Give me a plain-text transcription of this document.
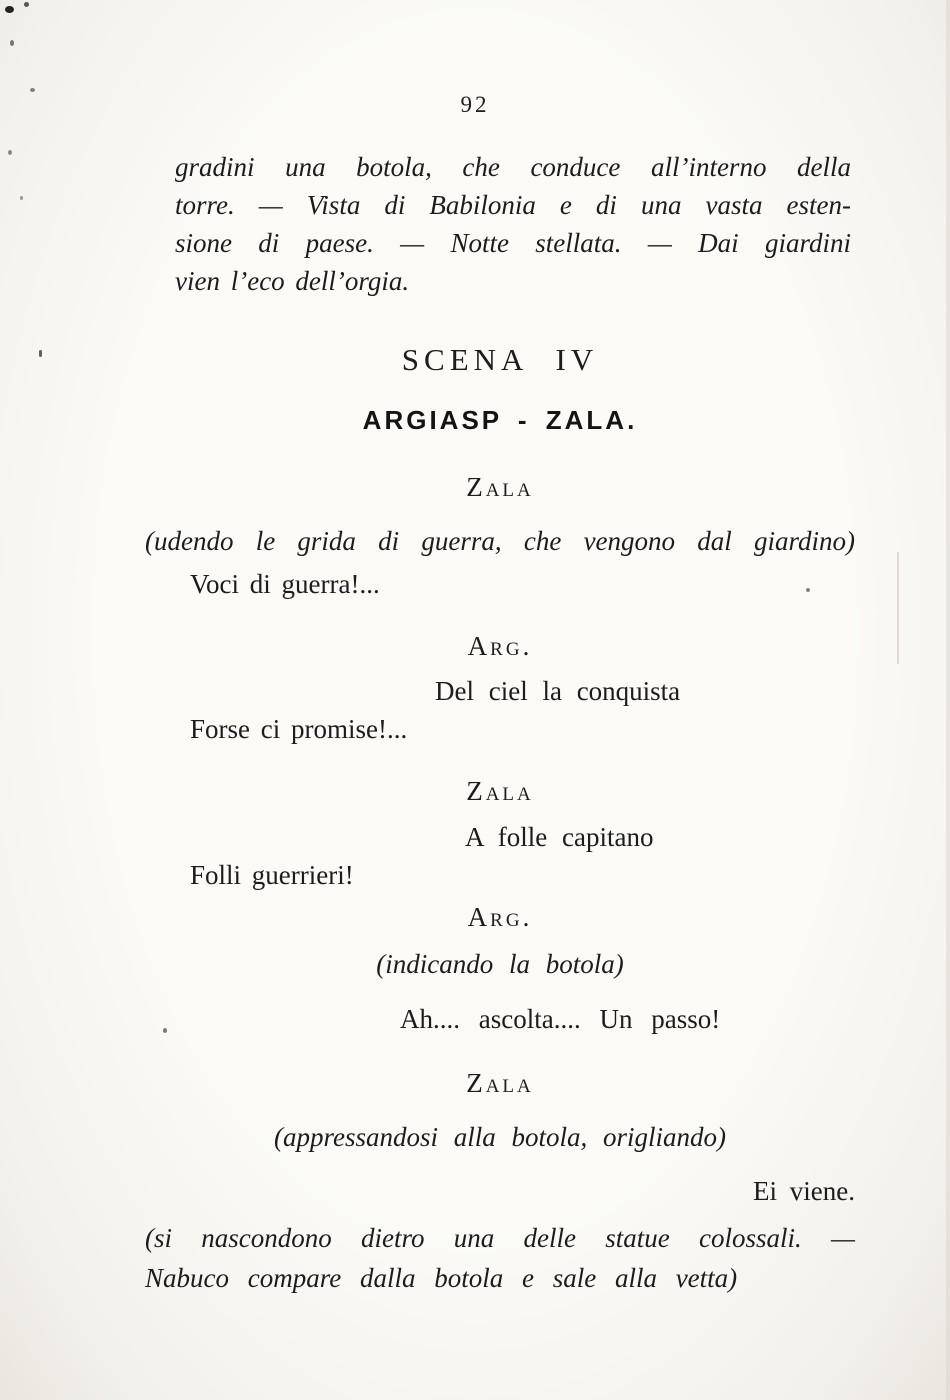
92
gradini una botola, che conduce all’interno della
torre. — Vista di Babilonia e di una vasta esten-
sione di paese. — Notte stellata. — Dai giardini
vien l’eco dell’orgia.
SCENA IV
ARGIASP - ZALA.
Zala
(udendo le grida di guerra, che vengono dal giardino)
Voci di guerra!...
Arg.
Del ciel la conquista
Forse ci promise!...
Zala
A folle capitano
Folli guerrieri!
Arg.
(indicando la botola)
Ah.... ascolta.... Un passo!
Zala
(appressandosi alla botola, origliando)
Ei viene.
(si nascondono dietro una delle statue colossali. —
Nabuco compare dalla botola e sale alla vetta)
